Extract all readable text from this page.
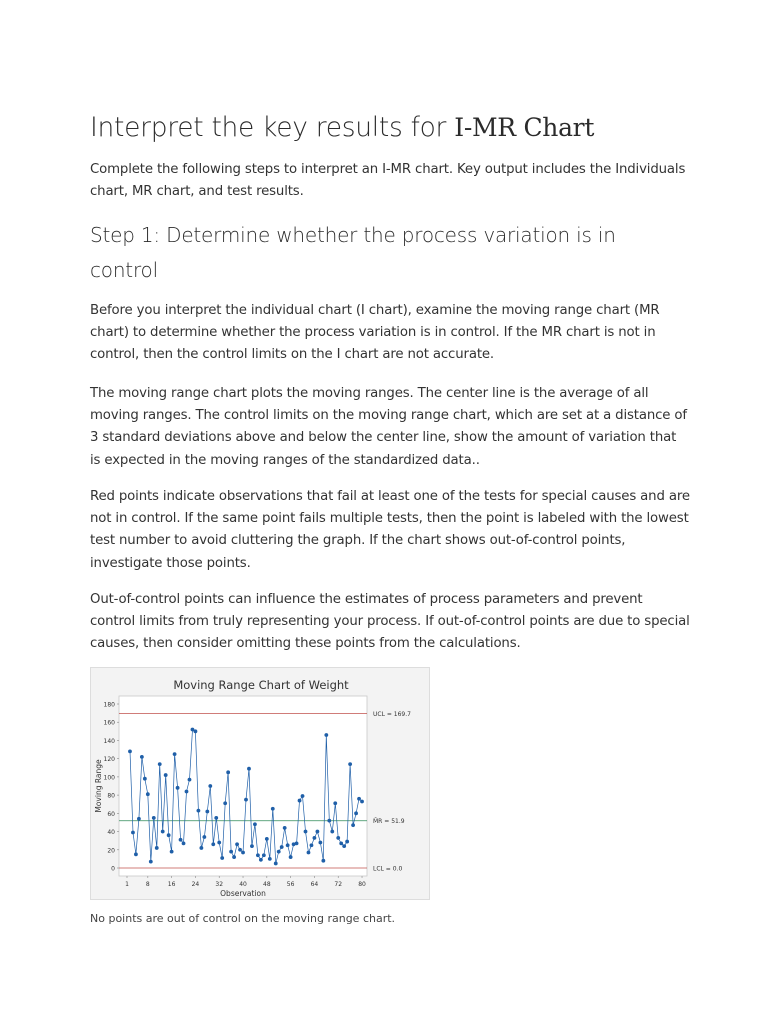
Interpret the key results for I-MR Chart
Complete the following steps to interpret an I-MR chart. Key output includes the Individuals chart, MR chart, and test results.
Step 1: Determine whether the process variation is in control
Before you interpret the individual chart (I chart), examine the moving range chart (MR chart) to determine whether the process variation is in control. If the MR chart is not in control, then the control limits on the I chart are not accurate.
The moving range chart plots the moving ranges. The center line is the average of all moving ranges. The control limits on the moving range chart, which are set at a distance of 3 standard deviations above and below the center line, show the amount of variation that is expected in the moving ranges of the standardized data..
Red points indicate observations that fail at least one of the tests for special causes and are not in control. If the same point fails multiple tests, then the point is labeled with the lowest test number to avoid cluttering the graph. If the chart shows out-of-control points, investigate those points.
Out-of-control points can influence the estimates of process parameters and prevent control limits from truly representing your process. If out-of-control points are due to special causes, then consider omitting these points from the calculations.
Moving Range Chart of Weight
0
20
40
60
80
100
120
140
160
180
1	8	16	24	32	40	48	56	64	72	80
UCL = 169.7
M̄R = 51.9
LCL = 0.0
Observation
Moving Range
No points are out of control on the moving range chart.
